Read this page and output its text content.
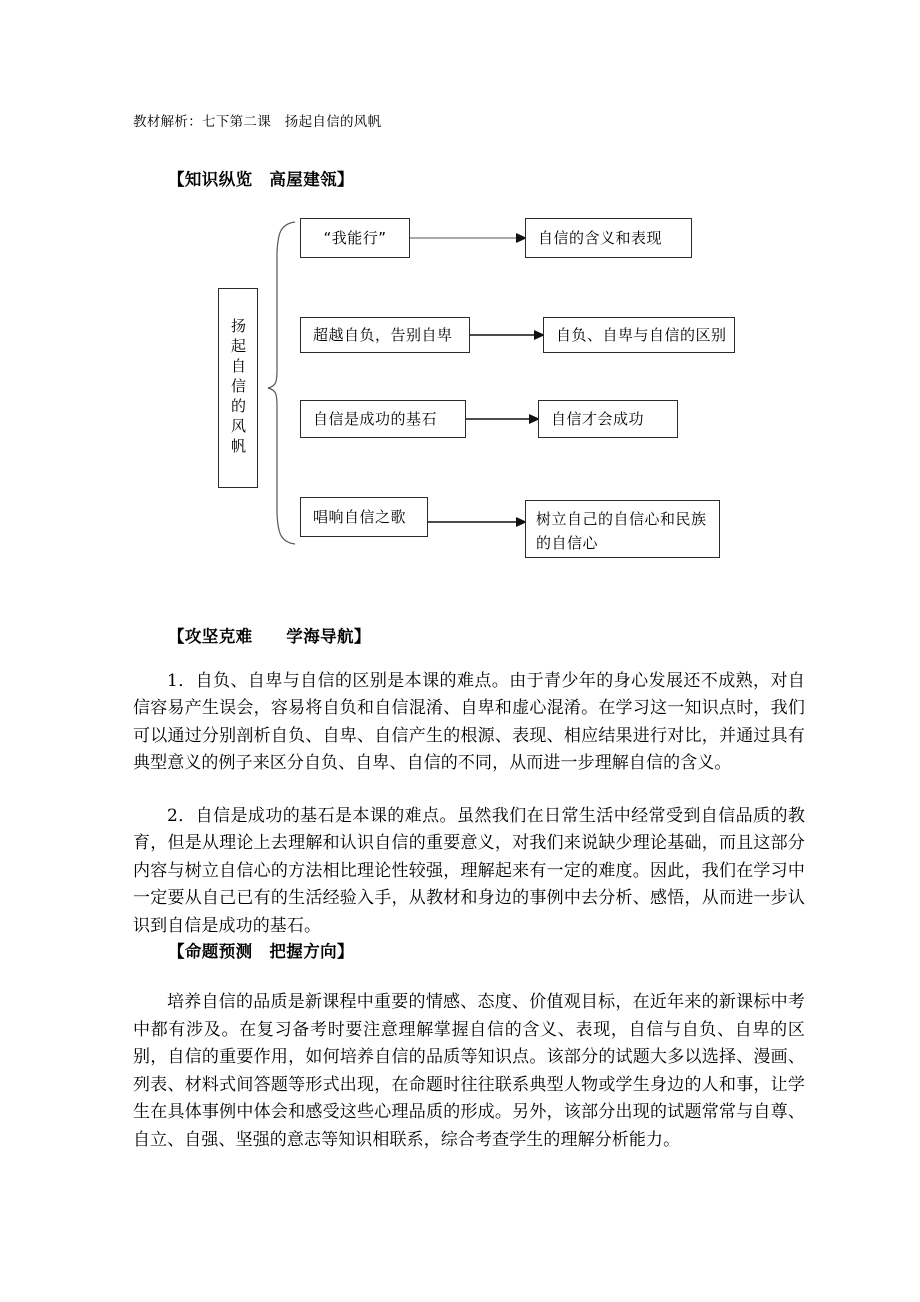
教材解析：七下第二课　扬起自信的风帆
【知识纵览　高屋建瓴】
扬起自信的风帆
“我能行”
超越自负，告别自卑
自信是成功的基石
唱响自信之歌
自信的含义和表现
自负、自卑与自信的区别
自信才会成功
树立自己的自信心和民族的自信心
【攻坚克难　　学海导航】
1．自负、自卑与自信的区别是本课的难点。由于青少年的身心发展还不成熟，对自信容易产生误会，容易将自负和自信混淆、自卑和虚心混淆。在学习这一知识点时，我们可以通过分别剖析自负、自卑、自信产生的根源、表现、相应结果进行对比，并通过具有典型意义的例子来区分自负、自卑、自信的不同，从而进一步理解自信的含义。
2．自信是成功的基石是本课的难点。虽然我们在日常生活中经常受到自信品质的教育，但是从理论上去理解和认识自信的重要意义，对我们来说缺少理论基础，而且这部分内容与树立自信心的方法相比理论性较强，理解起来有一定的难度。因此，我们在学习中一定要从自己已有的生活经验入手，从教材和身边的事例中去分析、感悟，从而进一步认识到自信是成功的基石。
【命题预测　把握方向】
培养自信的品质是新课程中重要的情感、态度、价值观目标，在近年来的新课标中考中都有涉及。在复习备考时要注意理解掌握自信的含义、表现，自信与自负、自卑的区别，自信的重要作用，如何培养自信的品质等知识点。该部分的试题大多以选择、漫画、列表、材料式间答题等形式出现，在命题时往往联系典型人物或学生身边的人和事，让学生在具体事例中体会和感受这些心理品质的形成。另外，该部分出现的试题常常与自尊、自立、自强、坚强的意志等知识相联系，综合考查学生的理解分析能力。
